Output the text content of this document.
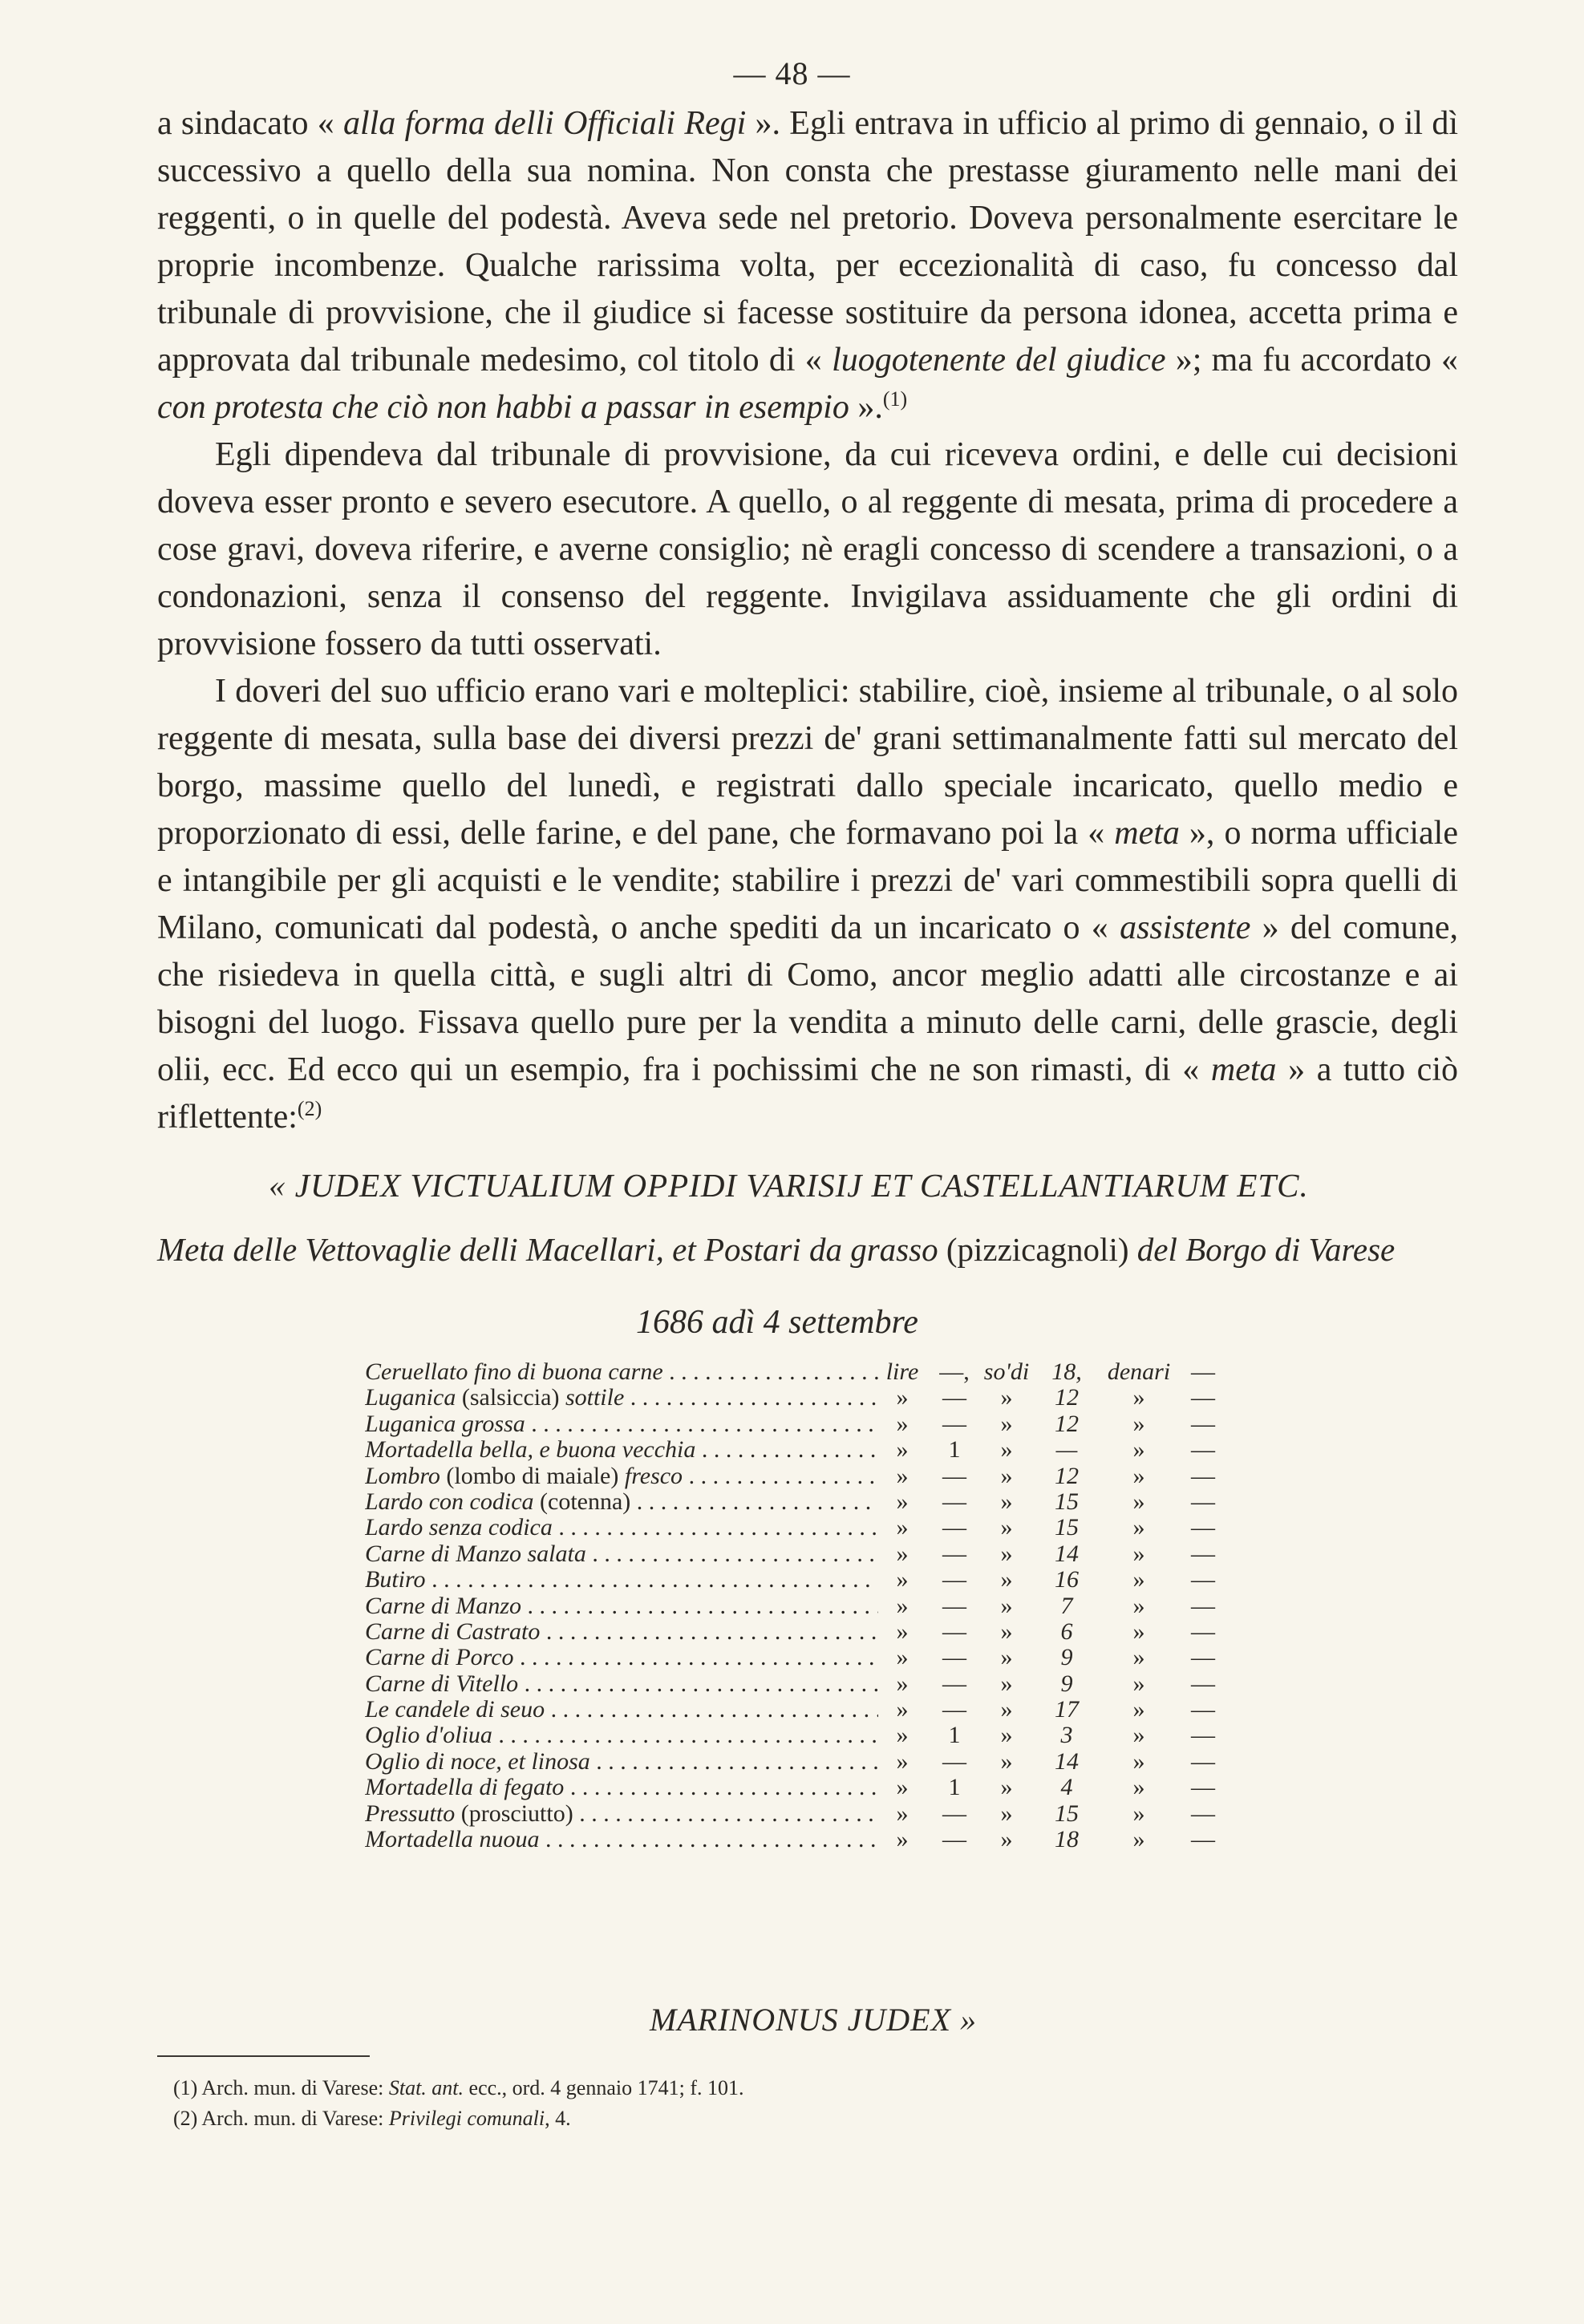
— 48 —

a sindacato « alla forma delli Officiali Regi ». Egli entrava in ufficio al primo di gennaio, o il dì successivo a quello della sua nomina. Non consta che prestasse giuramento nelle mani dei reggenti, o in quelle del podestà. Aveva sede nel pretorio. Doveva personalmente esercitare le proprie incombenze. Qualche rarissima volta, per eccezionalità di caso, fu concesso dal tribunale di provvisione, che il giudice si facesse sostituire da persona idonea, accetta prima e approvata dal tribunale medesimo, col titolo di « luogotenente del giudice »; ma fu accordato « con protesta che ciò non habbi a passar in esempio ».$^{(1)}$

Egli dipendeva dal tribunale di provvisione, da cui riceveva ordini, e delle cui decisioni doveva esser pronto e severo esecutore. A quello, o al reggente di mesata, prima di procedere a cose gravi, doveva riferire, e averne consiglio; nè eragli concesso di scendere a transazioni, o a condonazioni, senza il consenso del reggente. Invigilava assiduamente che gli ordini di provvisione fossero da tutti osservati.

I doveri del suo ufficio erano vari e molteplici: stabilire, cioè, insieme al tribunale, o al solo reggente di mesata, sulla base dei diversi prezzi de' grani settimanalmente fatti sul mercato del borgo, massime quello del lunedì, e registrati dallo speciale incaricato, quello medio e proporzionato di essi, delle farine, e del pane, che formavano poi la « meta », o norma ufficiale e intangibile per gli acquisti e le vendite; stabilire i prezzi de' vari commestibili sopra quelli di Milano, comunicati dal podestà, o anche spediti da un incaricato o « assistente » del comune, che risiedeva in quella città, e sugli altri di Como, ancor meglio adatti alle circostanze e ai bisogni del luogo. Fissava quello pure per la vendita a minuto delle carni, delle grascie, degli olii, ecc. Ed ecco qui un esempio, fra i pochissimi che ne son rimasti, di « meta » a tutto ciò riflettente:$^{(2)}$

« JUDEX VICTUALIUM OPPIDI VARISIJ ET CASTELLANTIARUM ETC.
Meta delle Vettovaglie delli Macellari, et Postari da grasso (pizzicagnoli) del Borgo di Varese
1686 adì 4 settembre
Ceruellato fino di buona carne . . .	lire —, so'di 18,	denari —
Luganica (salsiccia) sottile . . .	»	—	»	12	»	—
Luganica grossa . . .	»	—	»	12	»	—
Mortadella bella, e buona vecchia . . .	»	1	»	—	»	—
Lombro (lombo di maiale) fresco . . .	»	—	»	12	»	—
Lardo con codica (cotenna) . . .	»	—	»	15	»	—
Lardo senza codica . . .	»	—	»	15	»	—
Carne di Manzo salata . . .	»	—	»	14	»	—
Butiro . . .	»	—	»	16	»	—
Carne di Manzo . . .	»	—	»	7	»	—
Carne di Castrato . . .	»	—	»	6	»	—
Carne di Porco . . .	»	—	»	9	»	—
Carne di Vitello . . .	»	—	»	9	»	—
Le candele di seuo . . .	»	—	»	17	»	—
Oglio d'oliua . . .	»	1	»	3	»	—
Oglio di noce, et linosa . . .	»	—	»	14	»	—
Mortadella di fegato . . .	»	1	»	4	»	—
Pressutto (prosciutto) . . .	»	—	»	15	»	—
Mortadella nuoua . . .	»	—	»	18	»	—
MARINONUS JUDEX »
(1) Arch. mun. di Varese: Stat. ant. ecc., ord. 4 gennaio 1741; f. 101.
(2) Arch. mun. di Varese: Privilegi comunali, 4.
